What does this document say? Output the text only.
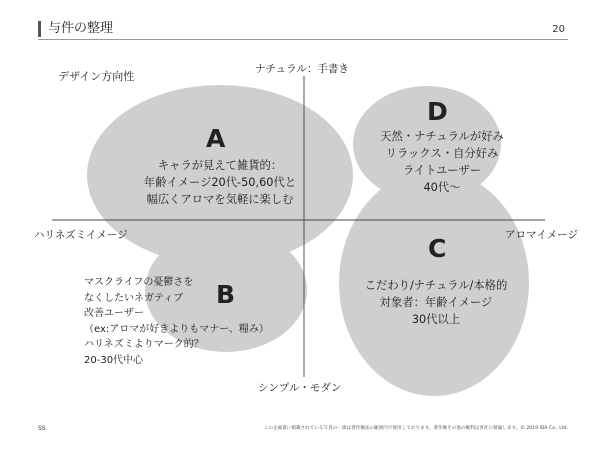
与件の整理	20
デザイン方向性
ナチュラル：手書き
シンプル・モダン
ハリネズミイメージ	アロマイメージ
A
キャラが見えて雑貨的：
年齢イメージ20代-50,60代と
幅広くアロマを気軽に楽しむ
B
マスクライフの憂鬱さを
なくしたいネガティブ
改善ユーザー
（ex:アロマが好きよりもマナー、糧み）
ハリネズミよりマーク的？
20-30代中心
C
こだわり/ナチュラル/本格的
対象者：年齢イメージ
30代以上
D
天然・ナチュラルが好み
リラックス・自分好み
ライトユーザー
40代〜
SS	この企画書に掲載されている写真の一部は著作権法の範囲内で使用しております。著作権その他の権利は各社に帰属します。© 2019 IDA Co., Ltd.
